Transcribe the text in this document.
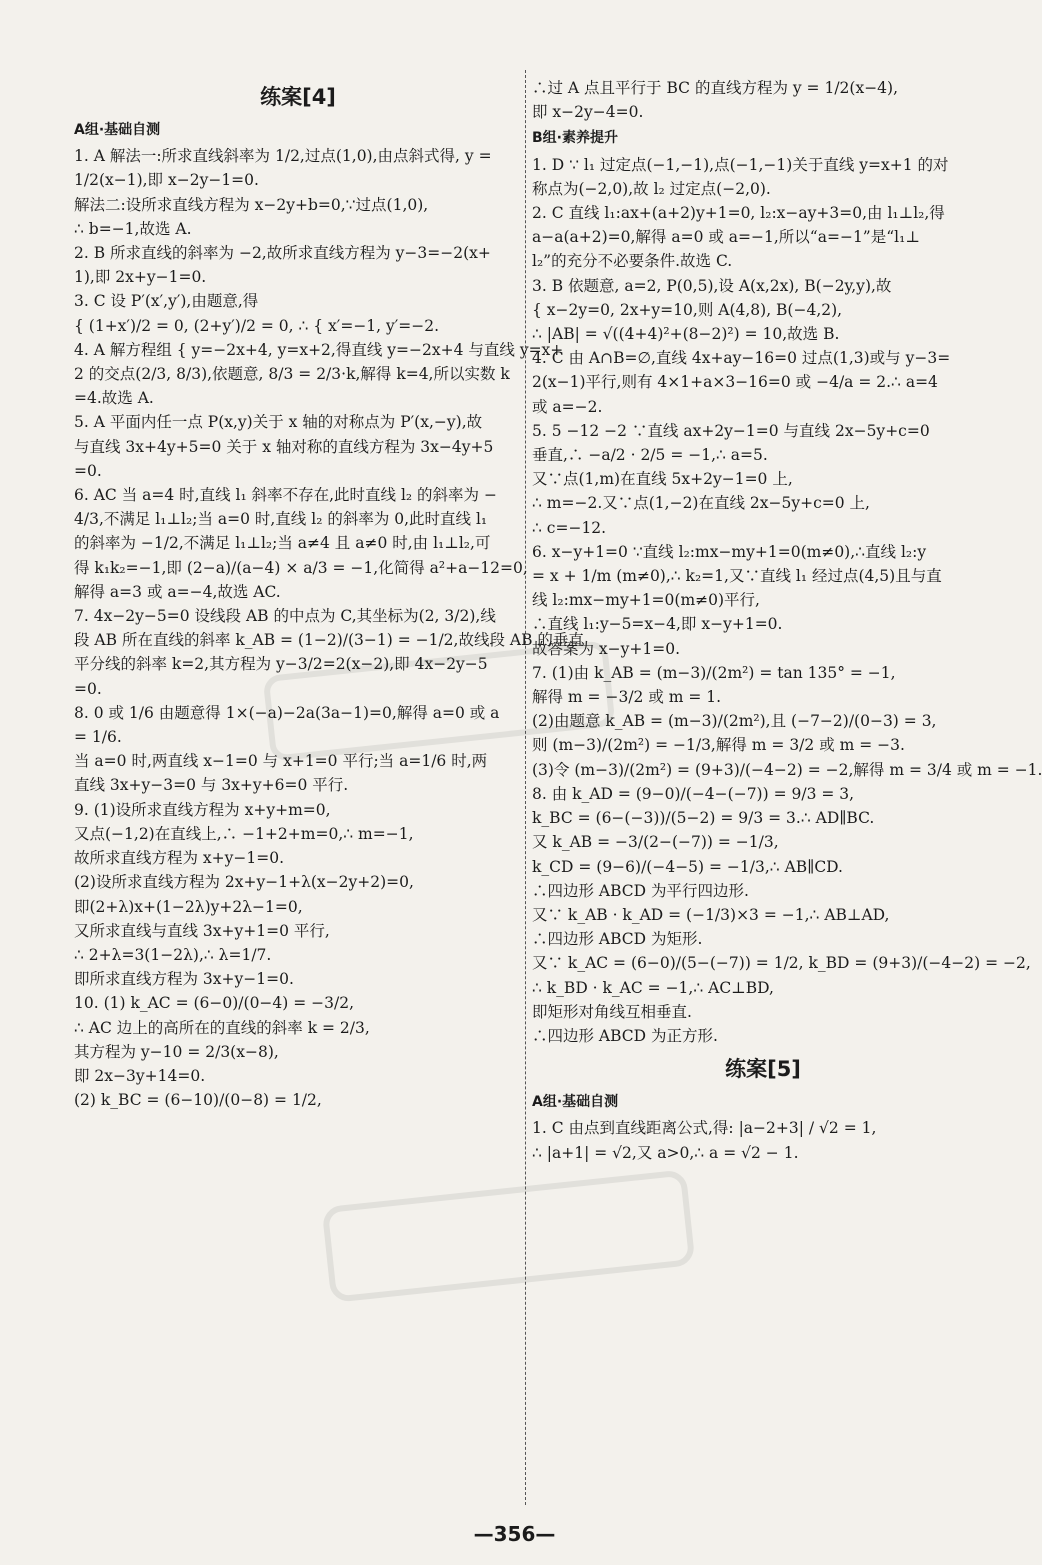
练案[4]
A组·基础自测
1. A 解法一:所求直线斜率为 1/2,过点(1,0),由点斜式得, y =
1/2(x−1),即 x−2y−1=0.
解法二:设所求直线方程为 x−2y+b=0,∵过点(1,0),
∴ b=−1,故选 A.
2. B 所求直线的斜率为 −2,故所求直线方程为 y−3=−2(x+
1),即 2x+y−1=0.
3. C 设 P′(x′,y′),由题意,得
{ (1+x′)/2 = 0, (2+y′)/2 = 0, ∴ { x′=−1, y′=−2.
4. A 解方程组 { y=−2x+4, y=x+2,得直线 y=−2x+4 与直线 y=x+
2 的交点(2/3, 8/3),依题意, 8/3 = 2/3·k,解得 k=4,所以实数 k
=4.故选 A.
5. A 平面内任一点 P(x,y)关于 x 轴的对称点为 P′(x,−y),故
与直线 3x+4y+5=0 关于 x 轴对称的直线方程为 3x−4y+5
=0.
6. AC 当 a=4 时,直线 l₁ 斜率不存在,此时直线 l₂ 的斜率为 −
4/3,不满足 l₁⊥l₂;当 a=0 时,直线 l₂ 的斜率为 0,此时直线 l₁
的斜率为 −1/2,不满足 l₁⊥l₂;当 a≠4 且 a≠0 时,由 l₁⊥l₂,可
得 k₁k₂=−1,即 (2−a)/(a−4) × a/3 = −1,化简得 a²+a−12=0,
解得 a=3 或 a=−4,故选 AC.
7. 4x−2y−5=0 设线段 AB 的中点为 C,其坐标为(2, 3/2),线
段 AB 所在直线的斜率 k_AB = (1−2)/(3−1) = −1/2,故线段 AB 的垂直
平分线的斜率 k=2,其方程为 y−3/2=2(x−2),即 4x−2y−5
=0.
8. 0 或 1/6 由题意得 1×(−a)−2a(3a−1)=0,解得 a=0 或 a
= 1/6.
当 a=0 时,两直线 x−1=0 与 x+1=0 平行;当 a=1/6 时,两
直线 3x+y−3=0 与 3x+y+6=0 平行.
9. (1)设所求直线方程为 x+y+m=0,
又点(−1,2)在直线上,∴ −1+2+m=0,∴ m=−1,
故所求直线方程为 x+y−1=0.
(2)设所求直线方程为 2x+y−1+λ(x−2y+2)=0,
即(2+λ)x+(1−2λ)y+2λ−1=0,
又所求直线与直线 3x+y+1=0 平行,
∴ 2+λ=3(1−2λ),∴ λ=1/7.
即所求直线方程为 3x+y−1=0.
10. (1) k_AC = (6−0)/(0−4) = −3/2,
∴ AC 边上的高所在的直线的斜率 k = 2/3,
其方程为 y−10 = 2/3(x−8),
即 2x−3y+14=0.
(2) k_BC = (6−10)/(0−8) = 1/2,
∴过 A 点且平行于 BC 的直线方程为 y = 1/2(x−4),
即 x−2y−4=0.
B组·素养提升
1. D ∵ l₁ 过定点(−1,−1),点(−1,−1)关于直线 y=x+1 的对
称点为(−2,0),故 l₂ 过定点(−2,0).
2. C 直线 l₁:ax+(a+2)y+1=0, l₂:x−ay+3=0,由 l₁⊥l₂,得
a−a(a+2)=0,解得 a=0 或 a=−1,所以“a=−1”是“l₁⊥
l₂”的充分不必要条件.故选 C.
3. B 依题意, a=2, P(0,5),设 A(x,2x), B(−2y,y),故
{ x−2y=0, 2x+y=10,则 A(4,8), B(−4,2),
∴ |AB| = √((4+4)²+(8−2)²) = 10,故选 B.
4. C 由 A∩B=∅,直线 4x+ay−16=0 过点(1,3)或与 y−3=
2(x−1)平行,则有 4×1+a×3−16=0 或 −4/a = 2.∴ a=4
或 a=−2.
5. 5 −12 −2 ∵直线 ax+2y−1=0 与直线 2x−5y+c=0
垂直,∴ −a/2 · 2/5 = −1,∴ a=5.
又∵点(1,m)在直线 5x+2y−1=0 上,
∴ m=−2.又∵点(1,−2)在直线 2x−5y+c=0 上,
∴ c=−12.
6. x−y+1=0 ∵直线 l₂:mx−my+1=0(m≠0),∴直线 l₂:y
= x + 1/m (m≠0),∴ k₂=1,又∵直线 l₁ 经过点(4,5)且与直
线 l₂:mx−my+1=0(m≠0)平行,
∴直线 l₁:y−5=x−4,即 x−y+1=0.
故答案为 x−y+1=0.
7. (1)由 k_AB = (m−3)/(2m²) = tan 135° = −1,
解得 m = −3/2 或 m = 1.
(2)由题意 k_AB = (m−3)/(2m²),且 (−7−2)/(0−3) = 3,
则 (m−3)/(2m²) = −1/3,解得 m = 3/2 或 m = −3.
(3)令 (m−3)/(2m²) = (9+3)/(−4−2) = −2,解得 m = 3/4 或 m = −1.
8. 由 k_AD = (9−0)/(−4−(−7)) = 9/3 = 3,
k_BC = (6−(−3))/(5−2) = 9/3 = 3.∴ AD∥BC.
又 k_AB = −3/(2−(−7)) = −1/3,
k_CD = (9−6)/(−4−5) = −1/3,∴ AB∥CD.
∴四边形 ABCD 为平行四边形.
又∵ k_AB · k_AD = (−1/3)×3 = −1,∴ AB⊥AD,
∴四边形 ABCD 为矩形.
又∵ k_AC = (6−0)/(5−(−7)) = 1/2, k_BD = (9+3)/(−4−2) = −2,
∴ k_BD · k_AC = −1,∴ AC⊥BD,
即矩形对角线互相垂直.
∴四边形 ABCD 为正方形.
练案[5]
A组·基础自测
1. C 由点到直线距离公式,得: |a−2+3| / √2 = 1,
∴ |a+1| = √2,又 a>0,∴ a = √2 − 1.
—356—
